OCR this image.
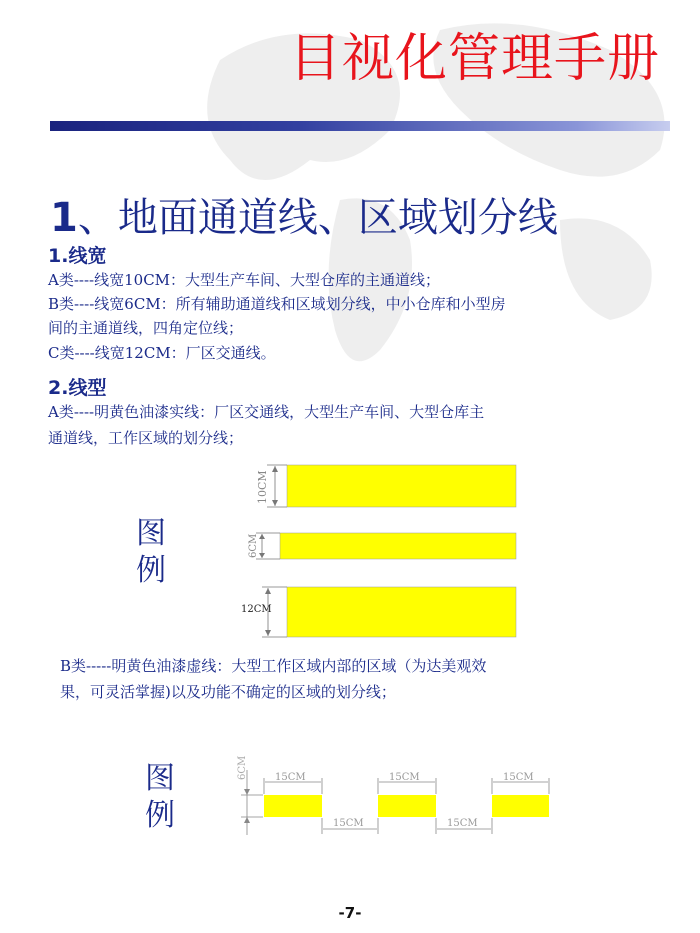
目视化管理手册
1、地面通道线、区域划分线
1.线宽
A类----线宽10CM：大型生产车间、大型仓库的主通道线；
B类----线宽6CM：所有辅助通道线和区域划分线，中小仓库和小型房
间的主通道线，四角定位线；
C类----线宽12CM：厂区交通线。
2.线型
A类----明黄色油漆实线：厂区交通线，大型生产车间、大型仓库主
通道线，工作区域的划分线；
图
例
10CM
6CM
12CM
B类-----明黄色油漆虚线：大型工作区域内部的区域（为达美观效
果，可灵活掌握)以及功能不确定的区域的划分线；
图
例
6CM	15CM	15CM	15CM
15CM	15CM
-7-
